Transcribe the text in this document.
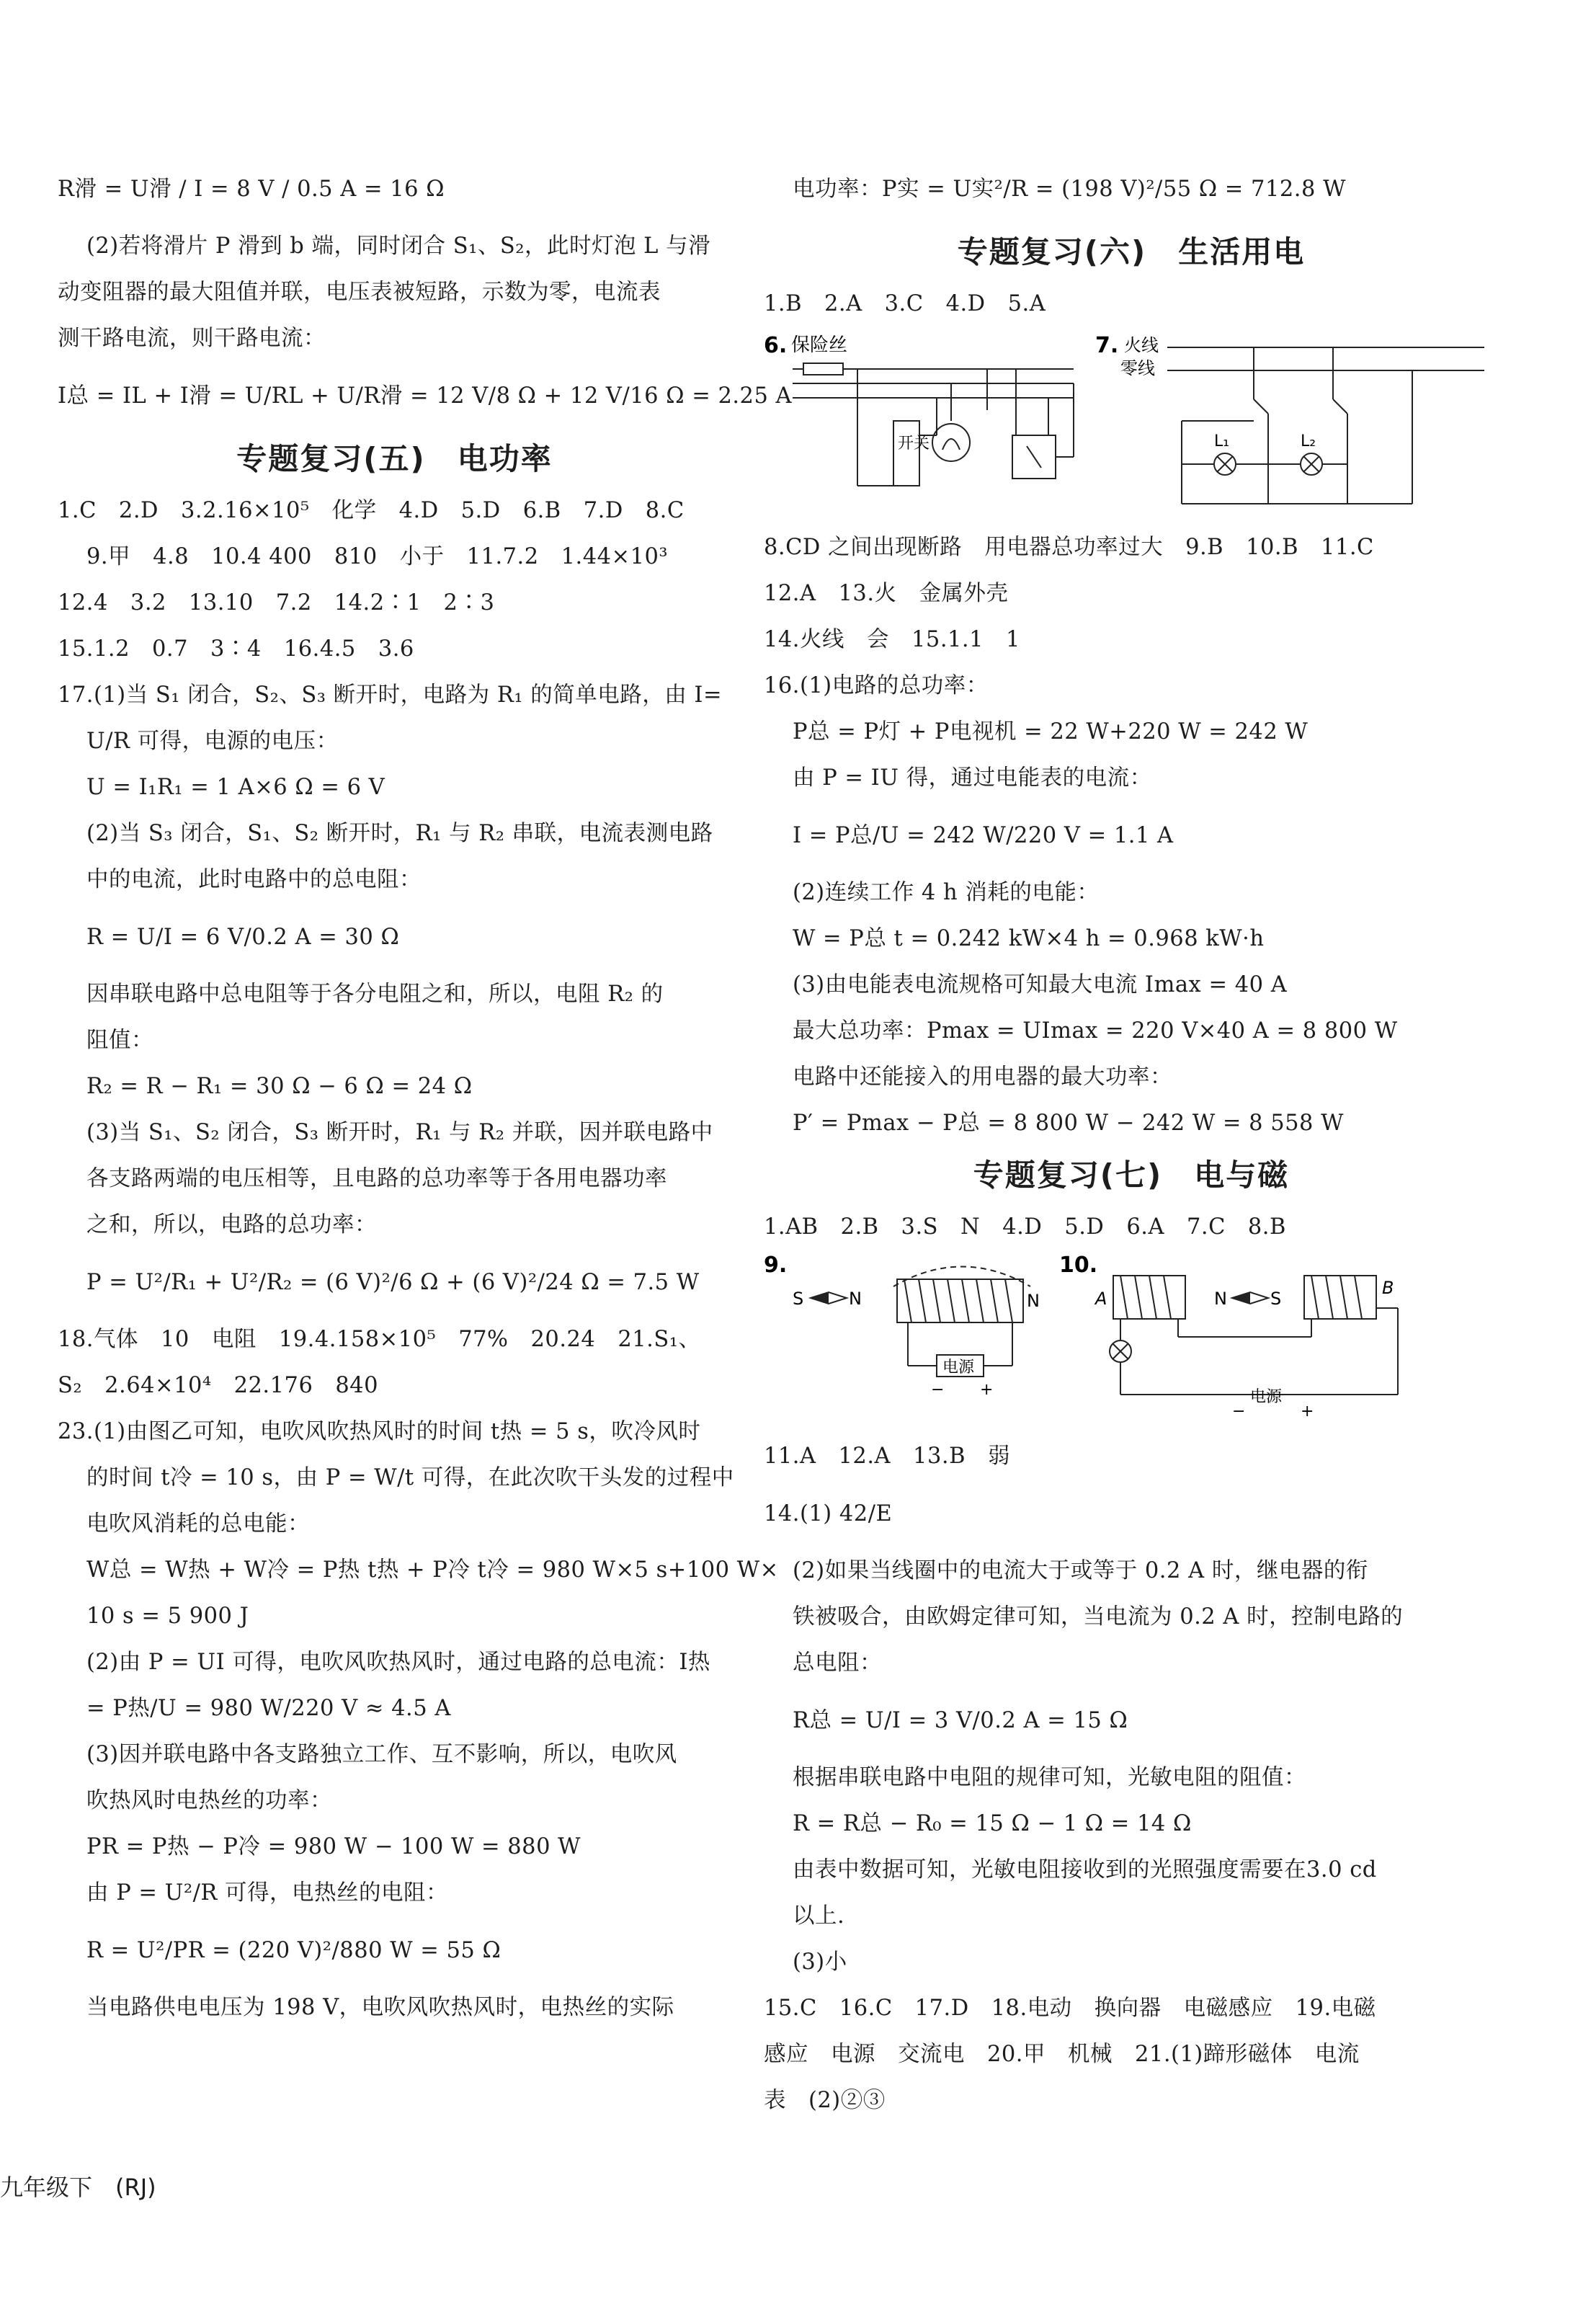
R滑 = U滑 / I = 8 V / 0.5 A = 16 Ω
(2)若将滑片 P 滑到 b 端，同时闭合 S₁、S₂，此时灯泡 L 与滑
动变阻器的最大阻值并联，电压表被短路，示数为零，电流表
测干路电流，则干路电流：
I总 = IL + I滑 = U/RL + U/R滑 = 12 V/8 Ω + 12 V/16 Ω = 2.25 A
专题复习(五)　电功率
1.C　2.D　3.2.16×10⁵　化学　4.D　5.D　6.B　7.D　8.C
9.甲　4.8　10.4 400　810　小于　11.7.2　1.44×10³
12.4　3.2　13.10　7.2　14.2∶1　2∶3
15.1.2　0.7　3∶4　16.4.5　3.6
17.(1)当 S₁ 闭合，S₂、S₃ 断开时，电路为 R₁ 的简单电路，由 I=
U/R 可得，电源的电压：
U = I₁R₁ = 1 A×6 Ω = 6 V
(2)当 S₃ 闭合，S₁、S₂ 断开时，R₁ 与 R₂ 串联，电流表测电路
中的电流，此时电路中的总电阻：
R = U/I = 6 V/0.2 A = 30 Ω
因串联电路中总电阻等于各分电阻之和，所以，电阻 R₂ 的
阻值：
R₂ = R − R₁ = 30 Ω − 6 Ω = 24 Ω
(3)当 S₁、S₂ 闭合，S₃ 断开时，R₁ 与 R₂ 并联，因并联电路中
各支路两端的电压相等，且电路的总功率等于各用电器功率
之和，所以，电路的总功率：
P = U²/R₁ + U²/R₂ = (6 V)²/6 Ω + (6 V)²/24 Ω = 7.5 W
18.气体　10　电阻　19.4.158×10⁵　77%　20.24　21.S₁、
S₂　2.64×10⁴　22.176　840
23.(1)由图乙可知，电吹风吹热风时的时间 t热 = 5 s，吹冷风时
的时间 t冷 = 10 s，由 P = W/t 可得，在此次吹干头发的过程中
电吹风消耗的总电能：
W总 = W热 + W冷 = P热 t热 + P冷 t冷 = 980 W×5 s+100 W×
10 s = 5 900 J
(2)由 P = UI 可得，电吹风吹热风时，通过电路的总电流：I热
= P热/U = 980 W/220 V ≈ 4.5 A
(3)因并联电路中各支路独立工作、互不影响，所以，电吹风
吹热风时电热丝的功率：
PR = P热 − P冷 = 980 W − 100 W = 880 W
由 P = U²/R 可得，电热丝的电阻：
R = U²/PR = (220 V)²/880 W = 55 Ω
当电路供电电压为 198 V，电吹风吹热风时，电热丝的实际
电功率：P实 = U实²/R = (198 V)²/55 Ω = 712.8 W
专题复习(六)　生活用电
1.B　2.A　3.C　4.D　5.A
6. 保险丝
开关
7. 火线
零线
L₁	L₂
8.CD 之间出现断路　用电器总功率过大　9.B　10.B　11.C
12.A　13.火　金属外壳
14.火线　会　15.1.1　1
16.(1)电路的总功率：
P总 = P灯 + P电视机 = 22 W+220 W = 242 W
由 P = IU 得，通过电能表的电流：
I = P总/U = 242 W/220 V = 1.1 A
(2)连续工作 4 h 消耗的电能：
W = P总 t = 0.242 kW×4 h = 0.968 kW·h
(3)由电能表电流规格可知最大电流 Imax = 40 A
最大总功率：Pmax = UImax = 220 V×40 A = 8 800 W
电路中还能接入的用电器的最大功率：
P′ = Pmax − P总 = 8 800 W − 242 W = 8 558 W
专题复习(七)　电与磁
1.AB　2.B　3.S　N　4.D　5.D　6.A　7.C　8.B
9.
S	N	N
电源
− +
10.
A	N	S
B
电源
−	+
11.A　12.A　13.B　弱
14.(1) 42/E
(2)如果当线圈中的电流大于或等于 0.2 A 时，继电器的衔
铁被吸合，由欧姆定律可知，当电流为 0.2 A 时，控制电路的
总电阻：
R总 = U/I = 3 V/0.2 A = 15 Ω
根据串联电路中电阻的规律可知，光敏电阻的阻值：
R = R总 − R₀ = 15 Ω − 1 Ω = 14 Ω
由表中数据可知，光敏电阻接收到的光照强度需要在3.0 cd
以上.
(3)小
15.C　16.C　17.D　18.电动　换向器　电磁感应　19.电磁
感应　电源　交流电　20.甲　机械　21.(1)蹄形磁体　电流
表　(2)②③
九年级下　(RJ)
